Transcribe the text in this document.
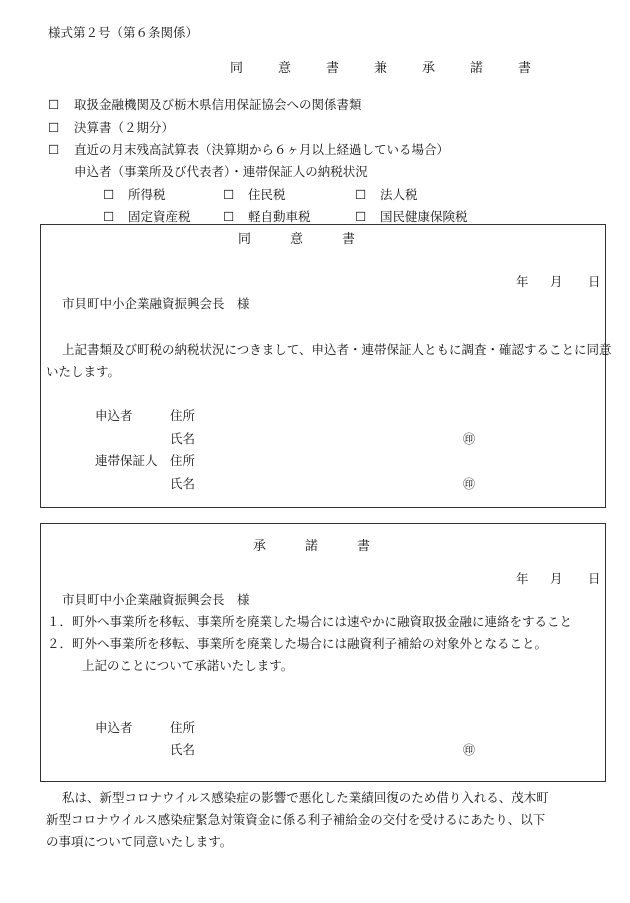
様式第２号（第６条関係）
同　意　書　兼　承　諾　書
☐ 取扱金融機関及び栃木県信用保証協会への関係書類
☐ 決算書（２期分）
☐ 直近の月末残高試算表（決算期から６ヶ月以上経過している場合）
申込者（事業所及び代表者）・連帯保証人の納税状況
☐ 所得税	☐ 住民税	☐ 法人税
☐ 固定資産税	☐ 軽自動車税	☐ 国民健康保険税
同　　　意　　　書
年 月 日
市貝町中小企業融資振興会長　様
上記書類及び町税の納税状況につきまして、申込者・連帯保証人ともに調査・確認することに同意
いたします。
申込者	住所
氏名	㊞
連帯保証人 住所
氏名	㊞
承　　　諾　　　書
年 月 日
市貝町中小企業融資振興会長　様
１．町外へ事業所を移転、事業所を廃業した場合には速やかに融資取扱金融に連絡をすること
２．町外へ事業所を移転、事業所を廃業した場合には融資利子補給の対象外となること。
上記のことについて承諾いたします。
申込者	住所
氏名	㊞
私は、新型コロナウイルス感染症の影響で悪化した業績回復のため借り入れる、茂木町
新型コロナウイルス感染症緊急対策資金に係る利子補給金の交付を受けるにあたり、以下
の事項について同意いたします。
